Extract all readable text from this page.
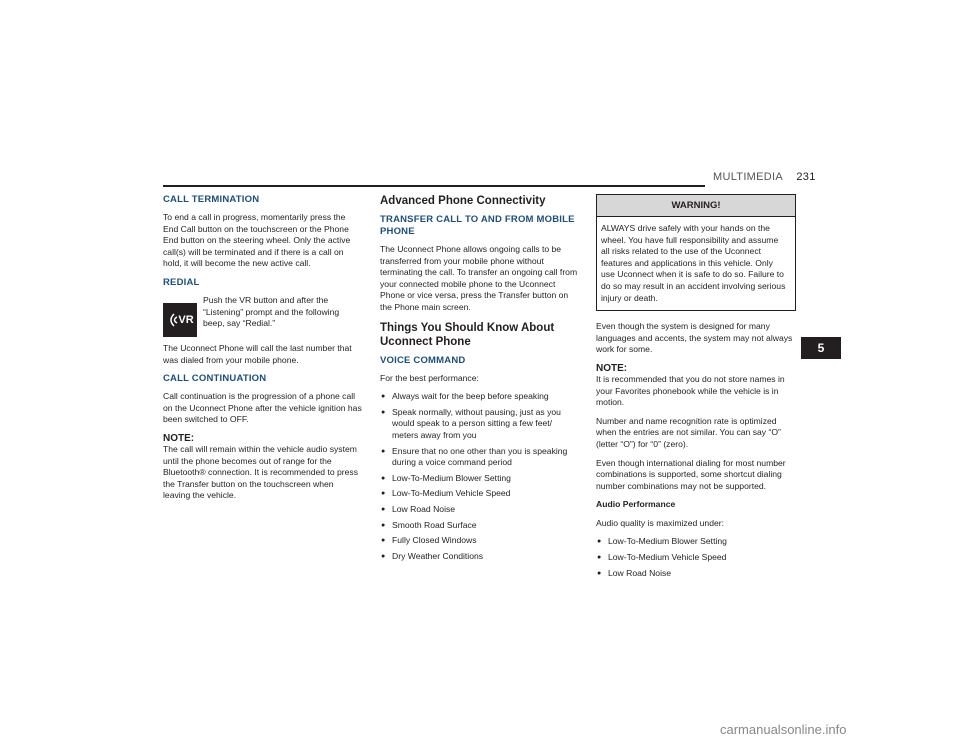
MULTIMEDIA 231
CALL TERMINATION

To end a call in progress, momentarily press the End Call button on the touchscreen or the Phone End button on the steering wheel. Only the active call(s) will be terminated and if there is a call on hold, it will become the new active call.

REDIAL
VR
Push the VR button and after the “Listening” prompt and the following beep, say “Redial.”

The Uconnect Phone will call the last number that was dialed from your mobile phone.

CALL CONTINUATION

Call continuation is the progression of a phone call on the Uconnect Phone after the vehicle ignition has been switched to OFF.

NOTE:

The call will remain within the vehicle audio system until the phone becomes out of range for the Bluetooth® connection. It is recommended to press the Transfer button on the touchscreen when leaving the vehicle.

Advanced Phone Connectivity
TRANSFER CALL TO AND FROM MOBILE PHONE

The Uconnect Phone allows ongoing calls to be transferred from your mobile phone without terminating the call. To transfer an ongoing call from your connected mobile phone to the Uconnect Phone or vice versa, press the Transfer button on the Phone main screen.

Things You Should Know About Uconnect Phone
VOICE COMMAND

For the best performance:

● Always wait for the beep before speaking
● Speak normally, without pausing, just as you would speak to a person sitting a few feet/ meters away from you
● Ensure that no one other than you is speaking during a voice command period
● Low-To-Medium Blower Setting
● Low-To-Medium Vehicle Speed
● Low Road Noise
● Smooth Road Surface
● Fully Closed Windows
● Dry Weather Conditions
WARNING!
ALWAYS drive safely with your hands on the wheel. You have full responsibility and assume all risks related to the use of the Uconnect features and applications in this vehicle. Only use Uconnect when it is safe to do so. Failure to do so may result in an accident involving serious injury or death.

Even though the system is designed for many languages and accents, the system may not always work for some.

NOTE:

It is recommended that you do not store names in your Favorites phonebook while the vehicle is in motion.

Number and name recognition rate is optimized when the entries are not similar. You can say “O” (letter “O”) for “0” (zero).

Even though international dialing for most number combinations is supported, some shortcut dialing number combinations may not be supported.

Audio Performance

Audio quality is maximized under:

● Low-To-Medium Blower Setting
● Low-To-Medium Vehicle Speed
● Low Road Noise
5
carmanualsonline.info
